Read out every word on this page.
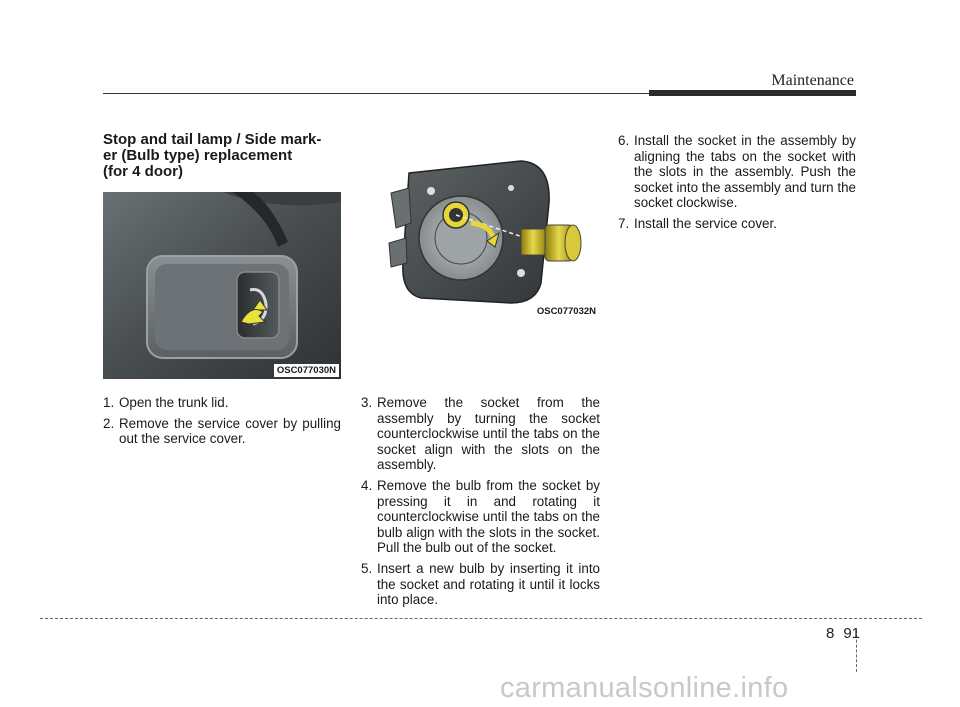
Maintenance
Stop and tail lamp / Side mark-
er (Bulb type) replacement
(for 4 door)
OSC077030N
1. Open the trunk lid.
2. Remove the service cover by pulling out the service cover.
OSC077032N
3. Remove the socket from the assembly by turning the socket counterclockwise until the tabs on the socket align with the slots on the assembly.
4. Remove the bulb from the socket by pressing it in and rotating it counterclockwise until the tabs on the bulb align with the slots in the socket. Pull the bulb out of the socket.
5. Insert a new bulb by inserting it into the socket and rotating it until it locks into place.
6. Install the socket in the assembly by aligning the tabs on the socket with the slots in the assembly. Push the socket into the assembly and turn the socket clockwise.
7. Install the service cover.
8 91
carmanualsonline.info
